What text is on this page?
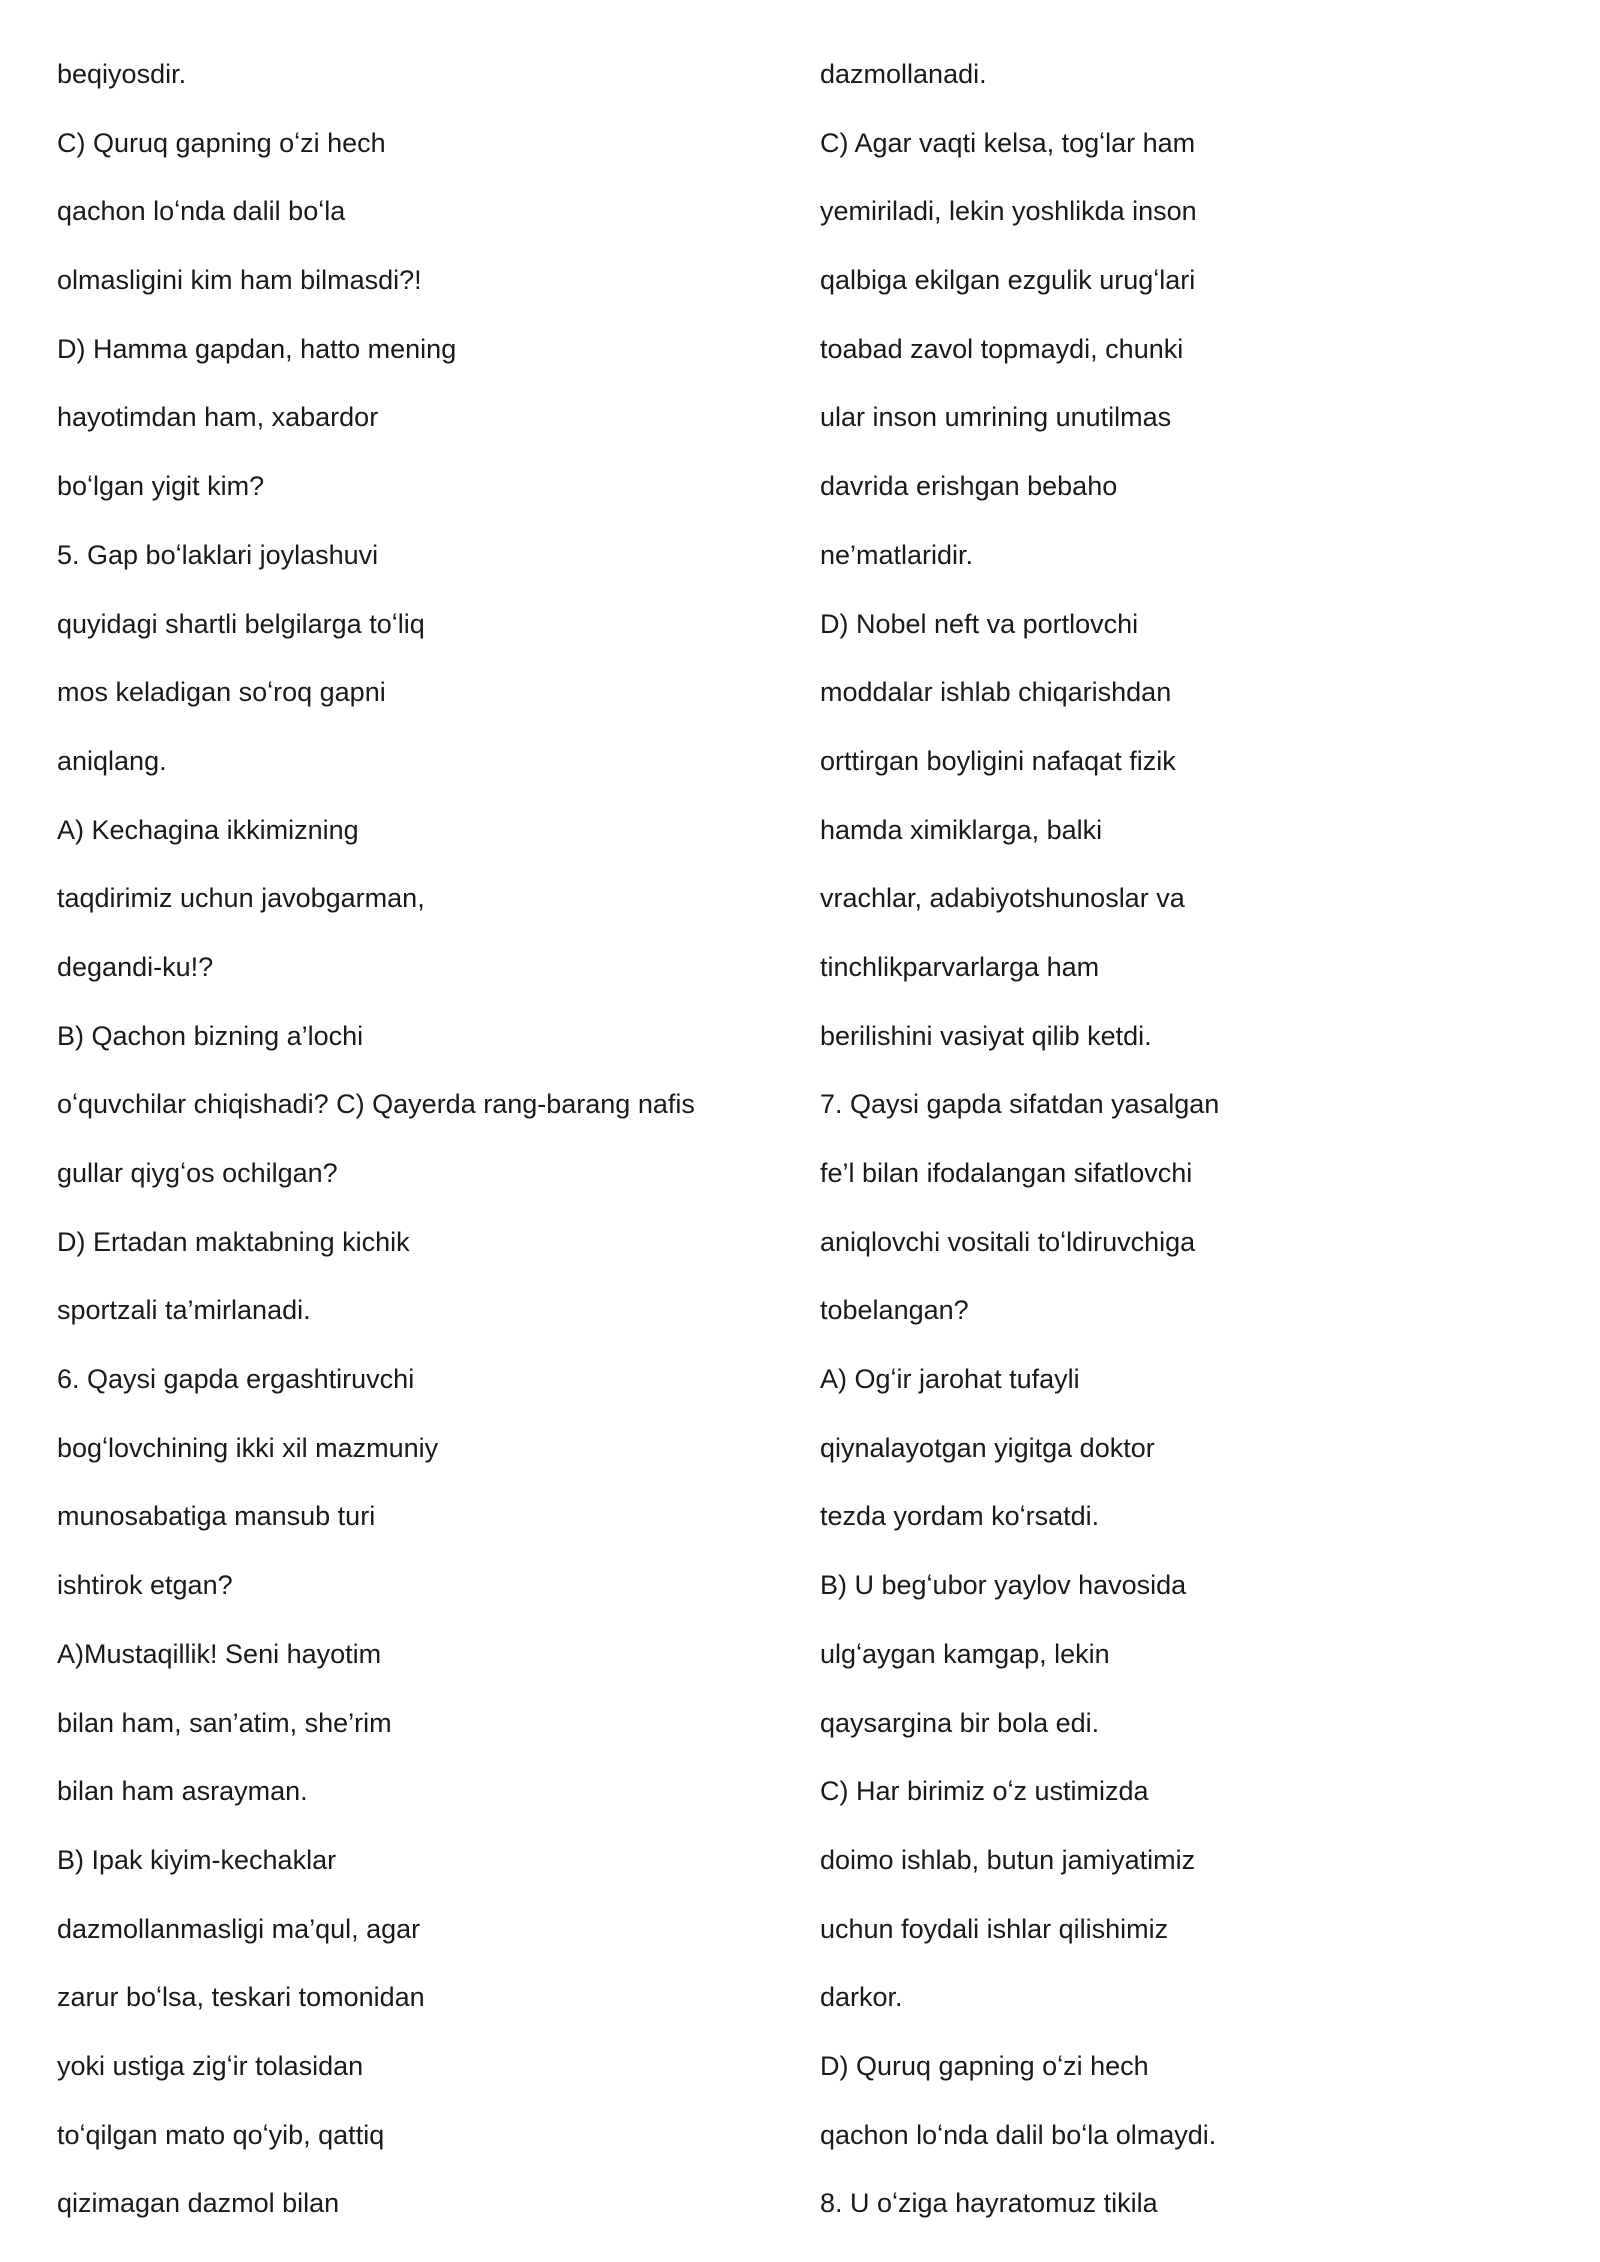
beqiyosdir.
C) Quruq gapning oʻzi hech
qachon loʻnda dalil boʻla
olmasligini kim ham bilmasdi?!
D) Hamma gapdan, hatto mening
hayotimdan ham, xabardor
boʻlgan yigit kim?
5. Gap boʻlaklari joylashuvi
quyidagi shartli belgilarga toʻliq
mos keladigan soʻroq gapni
aniqlang.
A) Kechagina ikkimizning
taqdirimiz uchun javobgarman,
degandi-ku!?
B) Qachon bizning a’lochi
oʻquvchilar chiqishadi? C) Qayerda rang-barang nafis
gullar qiygʻos ochilgan?
D) Ertadan maktabning kichik
sportzali ta’mirlanadi.
6. Qaysi gapda ergashtiruvchi
bogʻlovchining ikki xil mazmuniy
munosabatiga mansub turi
ishtirok etgan?
A)Mustaqillik! Seni hayotim
bilan ham, san’atim, she’rim
bilan ham asrayman.
B) Ipak kiyim-kechaklar
dazmollanmasligi ma’qul, agar
zarur boʻlsa, teskari tomonidan
yoki ustiga zigʻir tolasidan
toʻqilgan mato qoʻyib, qattiq
qizimagan dazmol bilan
dazmollanadi.
C) Agar vaqti kelsa, togʻlar ham
yemiriladi, lekin yoshlikda inson
qalbiga ekilgan ezgulik urugʻlari
toabad zavol topmaydi, chunki
ular inson umrining unutilmas
davrida erishgan bebaho
ne’matlaridir.
D) Nobel neft va portlovchi
moddalar ishlab chiqarishdan
orttirgan boyligini nafaqat fizik
hamda ximiklarga, balki
vrachlar, adabiyotshunoslar va
tinchlikparvarlarga ham
berilishini vasiyat qilib ketdi.
7. Qaysi gapda sifatdan yasalgan
fe’l bilan ifodalangan sifatlovchi
aniqlovchi vositali toʻldiruvchiga
tobelangan?
A) Ogʻir jarohat tufayli
qiynalayotgan yigitga doktor
tezda yordam koʻrsatdi.
B) U begʻubor yaylov havosida
ulgʻaygan kamgap, lekin
qaysargina bir bola edi.
C) Har birimiz oʻz ustimizda
doimo ishlab, butun jamiyatimiz
uchun foydali ishlar qilishimiz
darkor.
D) Quruq gapning oʻzi hech
qachon loʻnda dalil boʻla olmaydi.
8. U oʻziga hayratomuz tikila
